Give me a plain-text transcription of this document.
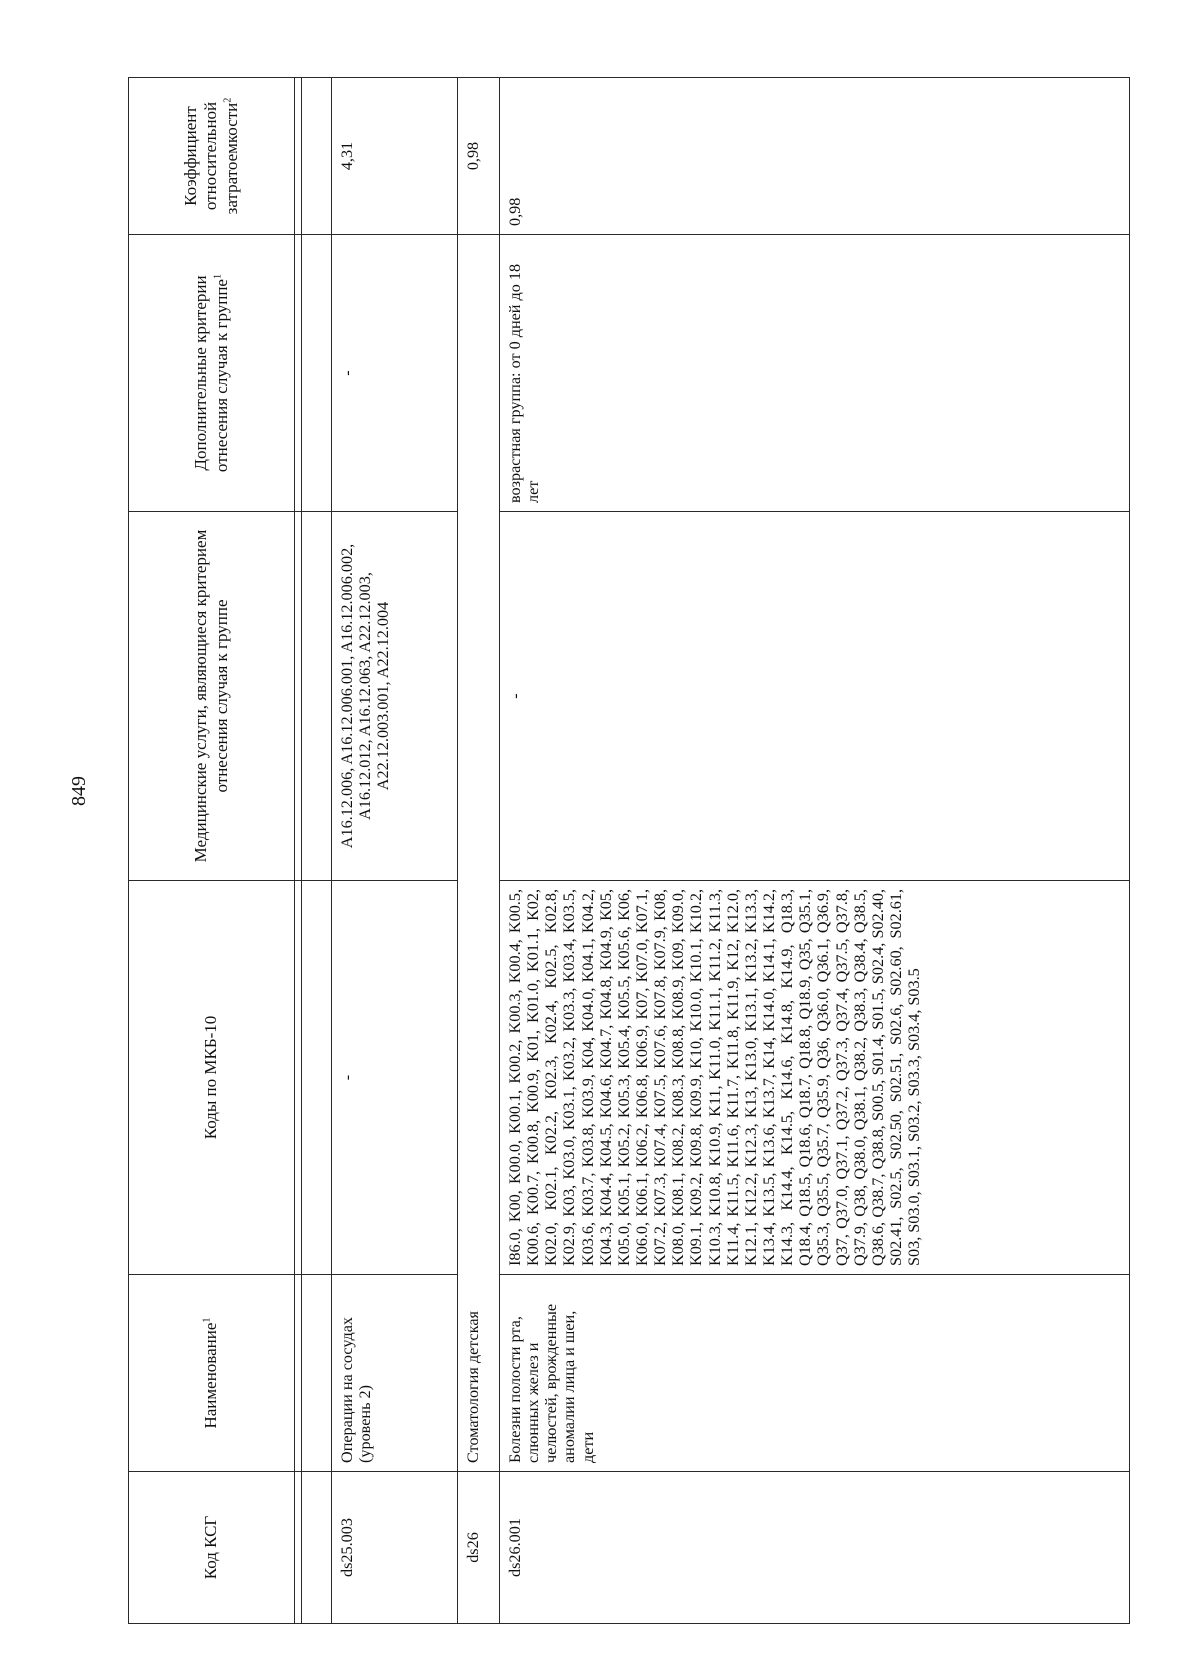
849
Код КСГ	Наименование$^1$	Коды по МКБ-10	Медицинские услуги, являющиеся критерием отнесения случая к группе	Дополнительные критерии отнесения случая к группе$^1$	Коэффициент относительной затратоемкости$^2$

ds25.003	Операции на сосудах (уровень 2)	-	A16.12.006, A16.12.006.001, A16.12.006.002, A16.12.012, A16.12.063, A22.12.003, A22.12.003.001, A22.12.004	-	4,31
ds26	Стоматология детская				0,98
ds26.001	Болезни полости рта, слюнных желез и челюстей, врожденные аномалии лица и шеи, дети	I86.0, K00, K00.0, K00.1, K00.2, K00.3, K00.4, K00.5, K00.6, K00.7, K00.8, K00.9, K01, K01.0, K01.1, K02, K02.0, K02.1, K02.2, K02.3, K02.4, K02.5, K02.8, K02.9, K03, K03.0, K03.1, K03.2, K03.3, K03.4, K03.5, K03.6, K03.7, K03.8, K03.9, K04, K04.0, K04.1, K04.2, K04.3, K04.4, K04.5, K04.6, K04.7, K04.8, K04.9, K05, K05.0, K05.1, K05.2, K05.3, K05.4, K05.5, K05.6, K06, K06.0, K06.1, K06.2, K06.8, K06.9, K07, K07.0, K07.1, K07.2, K07.3, K07.4, K07.5, K07.6, K07.8, K07.9, K08, K08.0, K08.1, K08.2, K08.3, K08.8, K08.9, K09, K09.0, K09.1, K09.2, K09.8, K09.9, K10, K10.0, K10.1, K10.2, K10.3, K10.8, K10.9, K11, K11.0, K11.1, K11.2, K11.3, K11.4, K11.5, K11.6, K11.7, K11.8, K11.9, K12, K12.0, K12.1, K12.2, K12.3, K13, K13.0, K13.1, K13.2, K13.3, K13.4, K13.5, K13.6, K13.7, K14, K14.0, K14.1, K14.2, K14.3, K14.4, K14.5, K14.6, K14.8, K14.9, Q18.3, Q18.4, Q18.5, Q18.6, Q18.7, Q18.8, Q18.9, Q35, Q35.1, Q35.3, Q35.5, Q35.7, Q35.9, Q36, Q36.0, Q36.1, Q36.9, Q37, Q37.0, Q37.1, Q37.2, Q37.3, Q37.4, Q37.5, Q37.8, Q37.9, Q38, Q38.0, Q38.1, Q38.2, Q38.3, Q38.4, Q38.5, Q38.6, Q38.7, Q38.8, S00.5, S01.4, S01.5, S02.4, S02.40, S02.41, S02.5, S02.50, S02.51, S02.6, S02.60, S02.61, S03, S03.0, S03.1, S03.2, S03.3, S03.4, S03.5	-	возрастная группа: от 0 дней до 18 лет	0,98
